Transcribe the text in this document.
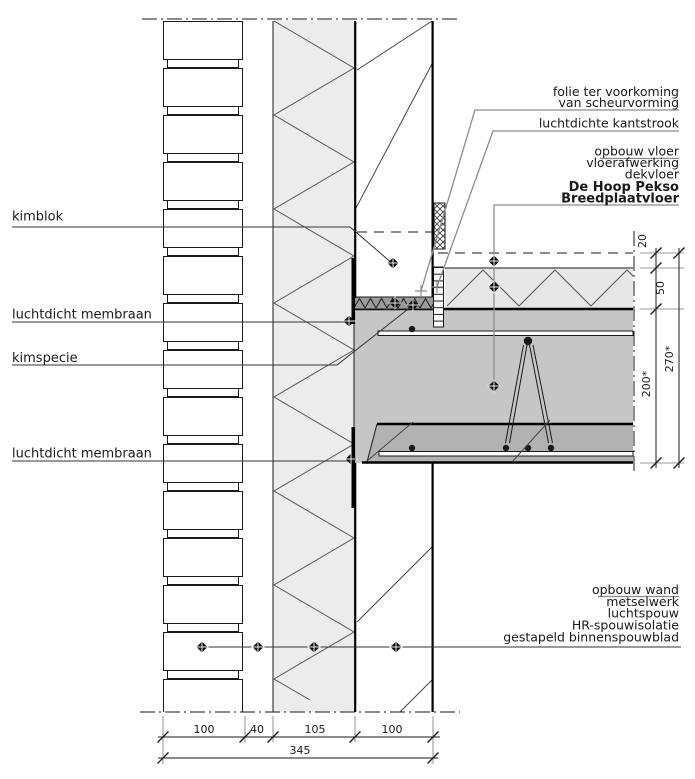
kimblok
luchtdicht membraan
kimspecie
luchtdicht membraan
folie ter voorkoming
van scheurvorming
luchtdichte kantstrook
opbouw vloer
vloerafwerking
dekvloer
De Hoop Pekso
Breedplaatvloer
opbouw wand
metselwerk
luchtspouw
HR-spouwisolatie
gestapeld binnenspouwblad
100	40	105	100
345
20
50
200*
270*
